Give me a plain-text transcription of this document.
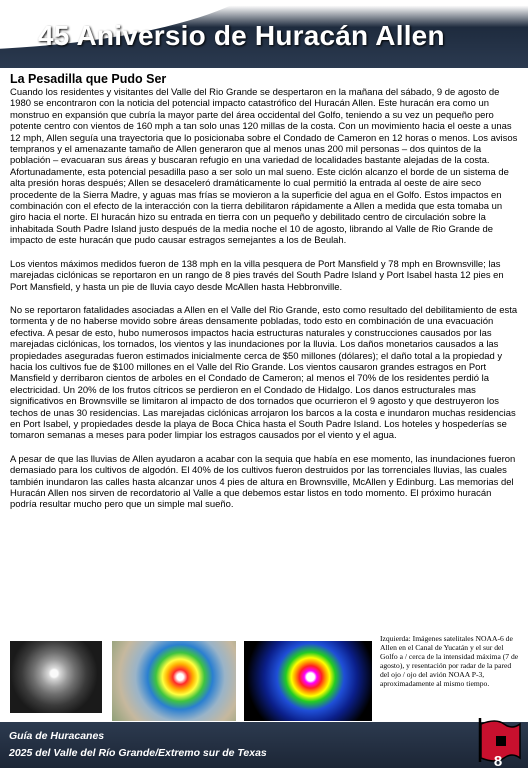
45 Aniversio de Huracán Allen
La Pesadilla que Pudo Ser

Cuando los residentes y visitantes del Valle del Rio Grande se despertaron en la mañana del sábado, 9 de agosto de 1980 se encontraron con la noticia del potencial impacto catastrófico del Huracán Allen. Este huracán era como un monstruo en expansión que cubría la mayor parte del área occidental del Golfo, teniendo a su vez un pequeño pero potente centro con vientos de 160 mph a tan solo unas 120 millas de la costa. Con un movimiento hacia el oeste a unas 12 mph, Allen seguía una trayectoria que lo posicionaba sobre el Condado de Cameron en 12 horas o menos. Los avisos tempranos y el amenazante tamaño de Allen generaron que al menos unas 200 mil personas – dos quintos de la población – evacuaran sus áreas y buscaran refugio en una variedad de localidades bastante alejadas de la costa. Afortunadamente, esta potencial pesadilla paso a ser solo un mal sueno. Este ciclón alcanzo el borde de un sistema de alta presión horas después; Allen se desaceleró dramáticamente lo cual permitió la entrada al oeste de aire seco procedente de la Sierra Madre, y aguas mas frías se movieron a la superficie del agua en el Golfo. Estos impactos en combinación con el efecto de la interacción con la tierra debilitaron rápidamente a Allen a medida que esta tomaba un giro hacia el norte. El huracán hizo su entrada en tierra con un pequeño y debilitado centro de circulación sobre la inhabitada South Padre Island justo después de la media noche el 10 de agosto, librando al Valle de Rio Grande de impacto de este huracán que pudo causar estragos semejantes a los de Beulah.

Los vientos máximos medidos fueron de 138 mph en la villa pesquera de Port Mansfield y 78 mph en Brownsville; las marejadas ciclónicas se reportaron en un rango de 8 pies través del South Padre Island y Port Isabel hasta 12 pies en Port Mansfield, y hasta un pie de lluvia cayo desde McAllen hasta Hebbronville.

No se reportaron fatalidades asociadas a Allen en el Valle del Rio Grande, esto como resultado del debilitamiento de esta tormenta y de no haberse movido sobre áreas densamente pobladas, todo esto en combinación de una evacuación efectiva. A pesar de esto, hubo numerosos impactos hacia estructuras naturales y construcciones causados por las marejadas ciclónicas, los tornados, los vientos y las inundaciones por la lluvia. Los daños monetarios causados a las propiedades aseguradas fueron estimados inicialmente cerca de $50 millones (dólares); el daño total a la propiedad y hacia los cultivos fue de $100 millones en el Valle del Rio Grande. Los vientos causaron grandes estragos en Port Mansfield y derribaron cientos de arboles en el Condado de Cameron; al menos el 70% de los residentes perdió la electricidad. Un 20% de los frutos cítricos se perdieron en el Condado de Hidalgo. Los danos estructurales mas significativos en Brownsville se limitaron al impacto de dos tornados que ocurrieron el 9 agosto y que destruyeron los techos de unas 30 residencias. Las marejadas ciclónicas arrojaron los barcos a la costa e inundaron muchas residencias en Port Isabel, y propiedades desde la playa de Boca Chica hasta el South Padre Island. Los hoteles y hospederías se tomaron semanas a meses para poder limpiar los estragos causados por el viento y el agua.

A pesar de que las lluvias de Allen ayudaron a acabar con la sequia que había en ese momento, las inundaciones fueron demasiado para los cultivos de algodón. El 40% de los cultivos fueron destruidos por las torrenciales lluvias, las cuales también inundaron las calles hasta alcanzar unos 4 pies de altura en Brownsville, McAllen y Edinburg. Las memorias del Huracán Allen nos sirven de recordatorio al Valle a que debemos estar listos en todo momento. El próximo huracán podría resultar mucho pero que un simple mal sueño.

Izquierda: Imágenes satelitales NOAA-6 de Allen en el Canal de Yucatán y el sur del Golfo a / cerca de la intensidad máxima (7 de agosto), y resentación por radar de la pared del ojo / ojo del avión NOAA P-3, aproximadamente al mismo tiempo.

Guía de Huracanes

2025 del Valle del Río Grande/Extremo sur de Texas	8
